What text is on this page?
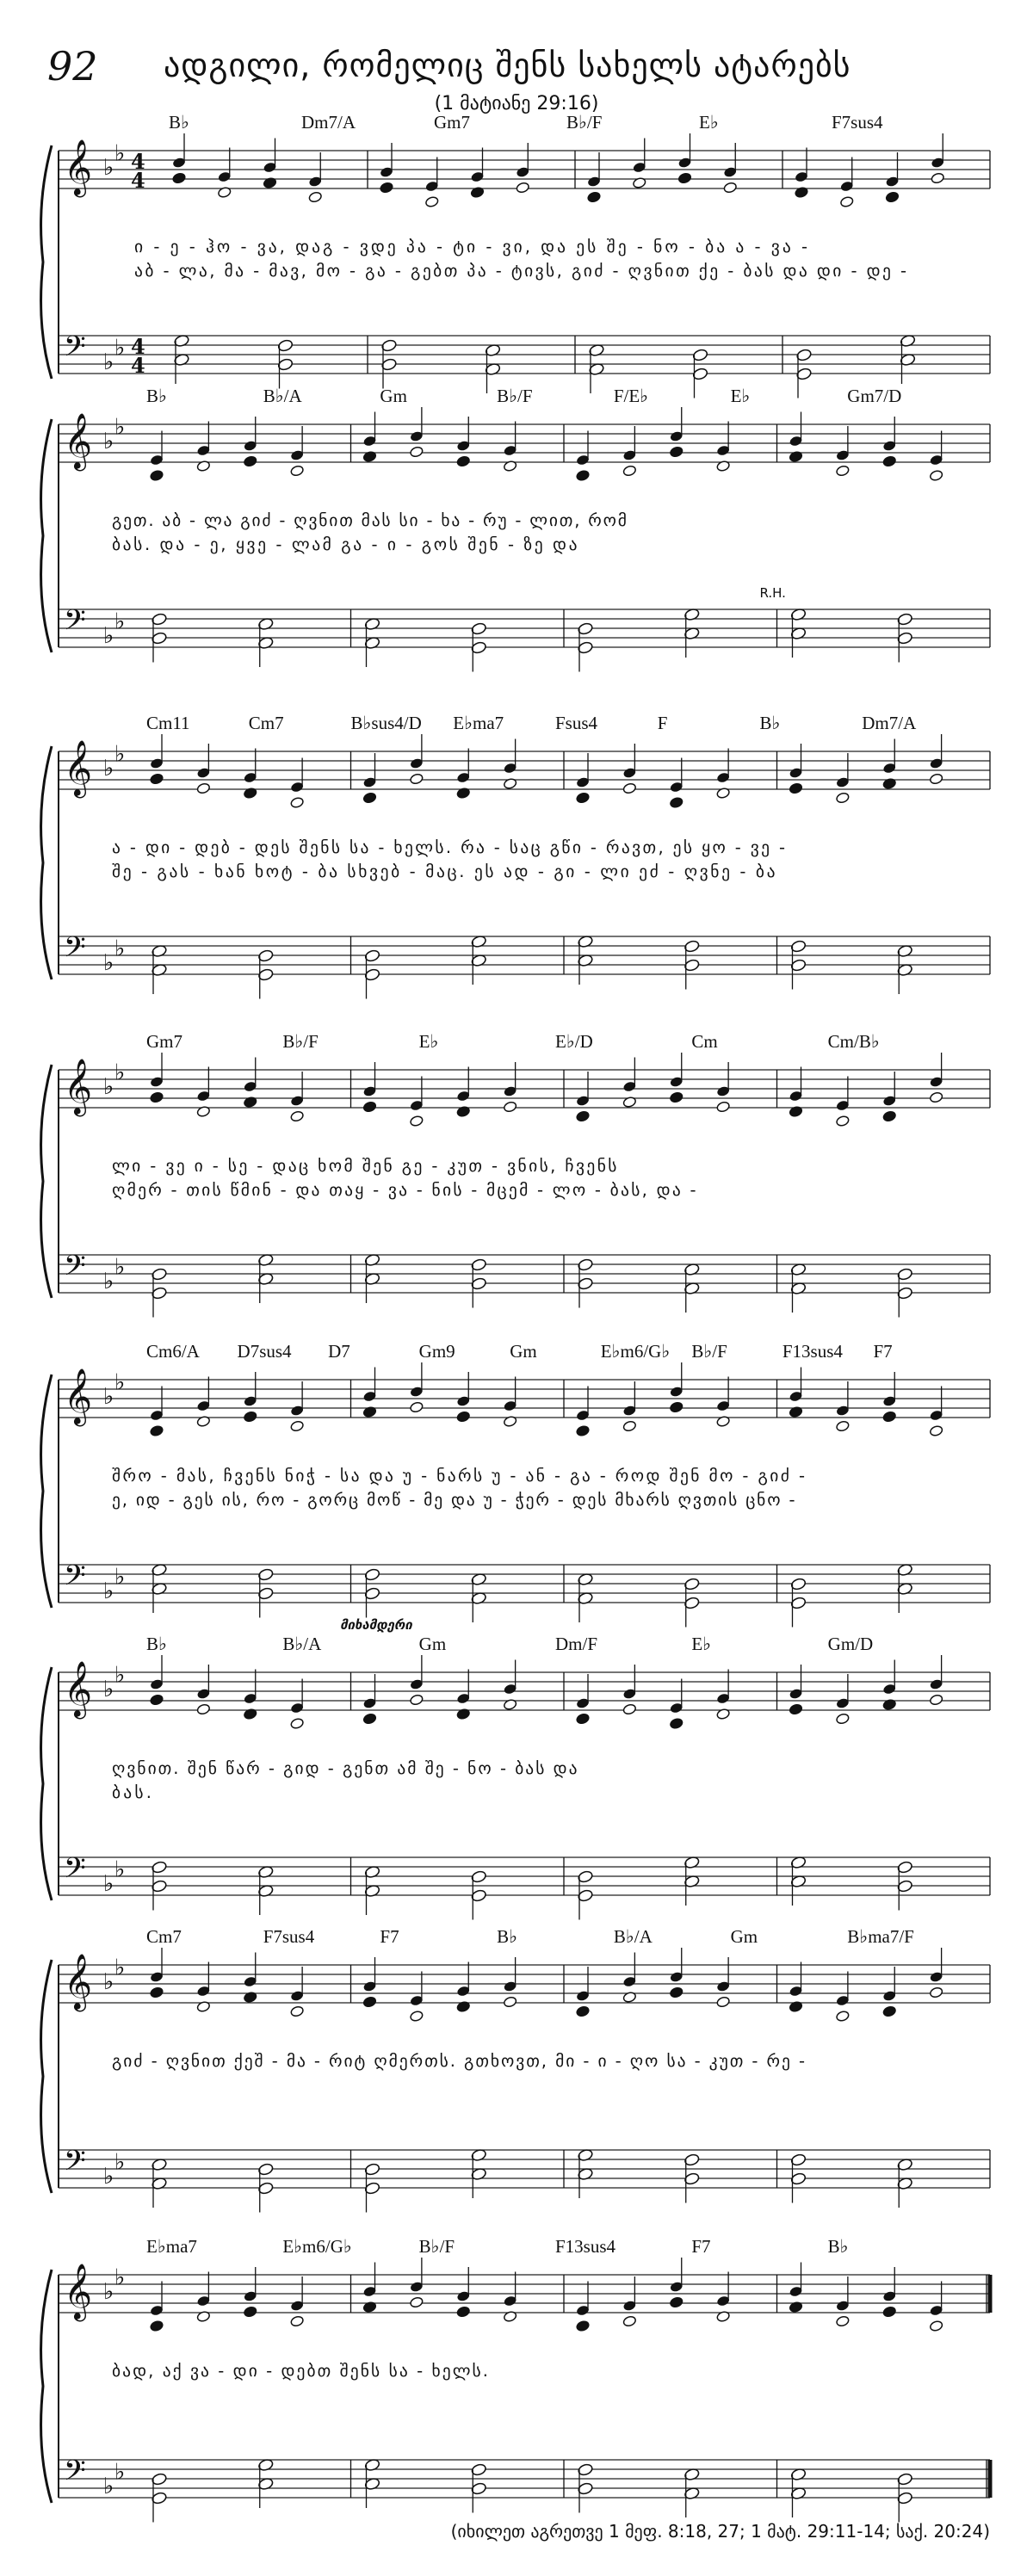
92 ადგილი, რომელიც შენს სახელს ატარებს
(1 მატიანე 29:16)
𝄞 ♭
♭ 4
4
𝄢 ♭
♭ 4
4
B♭	Dm7/A	Gm7	B♭/F	E♭	F7sus4
ი - ე - ჰო - ვა, დაგ - ვდე პა - ტი - ვი, და ეს შე - ნო - ბა ა - ვა -
აბ - ლა, მა - მავ, მო - გა - გებთ პა - ტივს, გიძ - ღვნით ქე - ბას და დი - დე -
𝄞 ♭
♭
𝄢 ♭
♭
B♭	B♭/A	Gm	B♭/F	F/E♭	E♭	Gm7/D
გეთ. აბ - ლა გიძ - ღვნით მას სი - ხა - რუ - ლით, რომ
ბას. და - ე, ყვე - ლამ გა - ი - გოს შენ - ზე და
R.H.
𝄞 ♭
♭
𝄢 ♭
♭
Cm11	Cm7	B♭sus4/D E♭ma7	Fsus4	F	B♭	Dm7/A
ა - დი - დებ - დეს შენს სა - ხელს. რა - საც გწი - რავთ, ეს ყო - ვე -
შე - გას - ხან ხოტ - ბა სხვებ - მაც. ეს ად - გი - ლი ეძ - ღვნე - ბა
𝄞 ♭
♭
𝄢 ♭
♭
Gm7	B♭/F	E♭	E♭/D	Cm	Cm/B♭
ლი - ვე ი - სე - დაც ხომ შენ გე - კუთ - ვნის, ჩვენს
ღმერ - თის წმინ - და თაყ - ვა - ნის - მცემ - ლო - ბას, და -
𝄞 ♭
♭
𝄢 ♭
♭
Cm6/A D7sus4 D7	Gm9	Gm	E♭m6/G♭ B♭/F	F13sus4 F7
შრო - მას, ჩვენს ნიჭ - სა და უ - ნარს უ - ან - გა - როდ შენ მო - გიძ -
ე, იდ - გეს ის, რო - გორც მოწ - მე და უ - ჭერ - დეს მხარს ღვთის ცნო -
𝄞 ♭
♭
𝄢 ♭
♭
B♭	B♭/A	Gm	Dm/F	E♭	Gm/D
ღვნით. შენ წარ - გიდ - გენთ ამ შე - ნო - ბას და
ბას.
მიხამდერი
𝄞 ♭
♭
𝄢 ♭
♭
Cm7	F7sus4	F7	B♭	B♭/A	Gm	B♭ma7/F
გიძ - ღვნით ქეშ - მა - რიტ ღმერთს. გთხოვთ, მი - ი - ღო სა - კუთ - რე -
𝄞 ♭
♭
𝄢 ♭
♭
E♭ma7	E♭m6/G♭	B♭/F	F13sus4	F7	B♭
ბად, აქ ვა - დი - დებთ შენს სა - ხელს.
(იხილეთ აგრეთვე 1 მეფ. 8:18, 27; 1 მატ. 29:11-14; საქ. 20:24)
